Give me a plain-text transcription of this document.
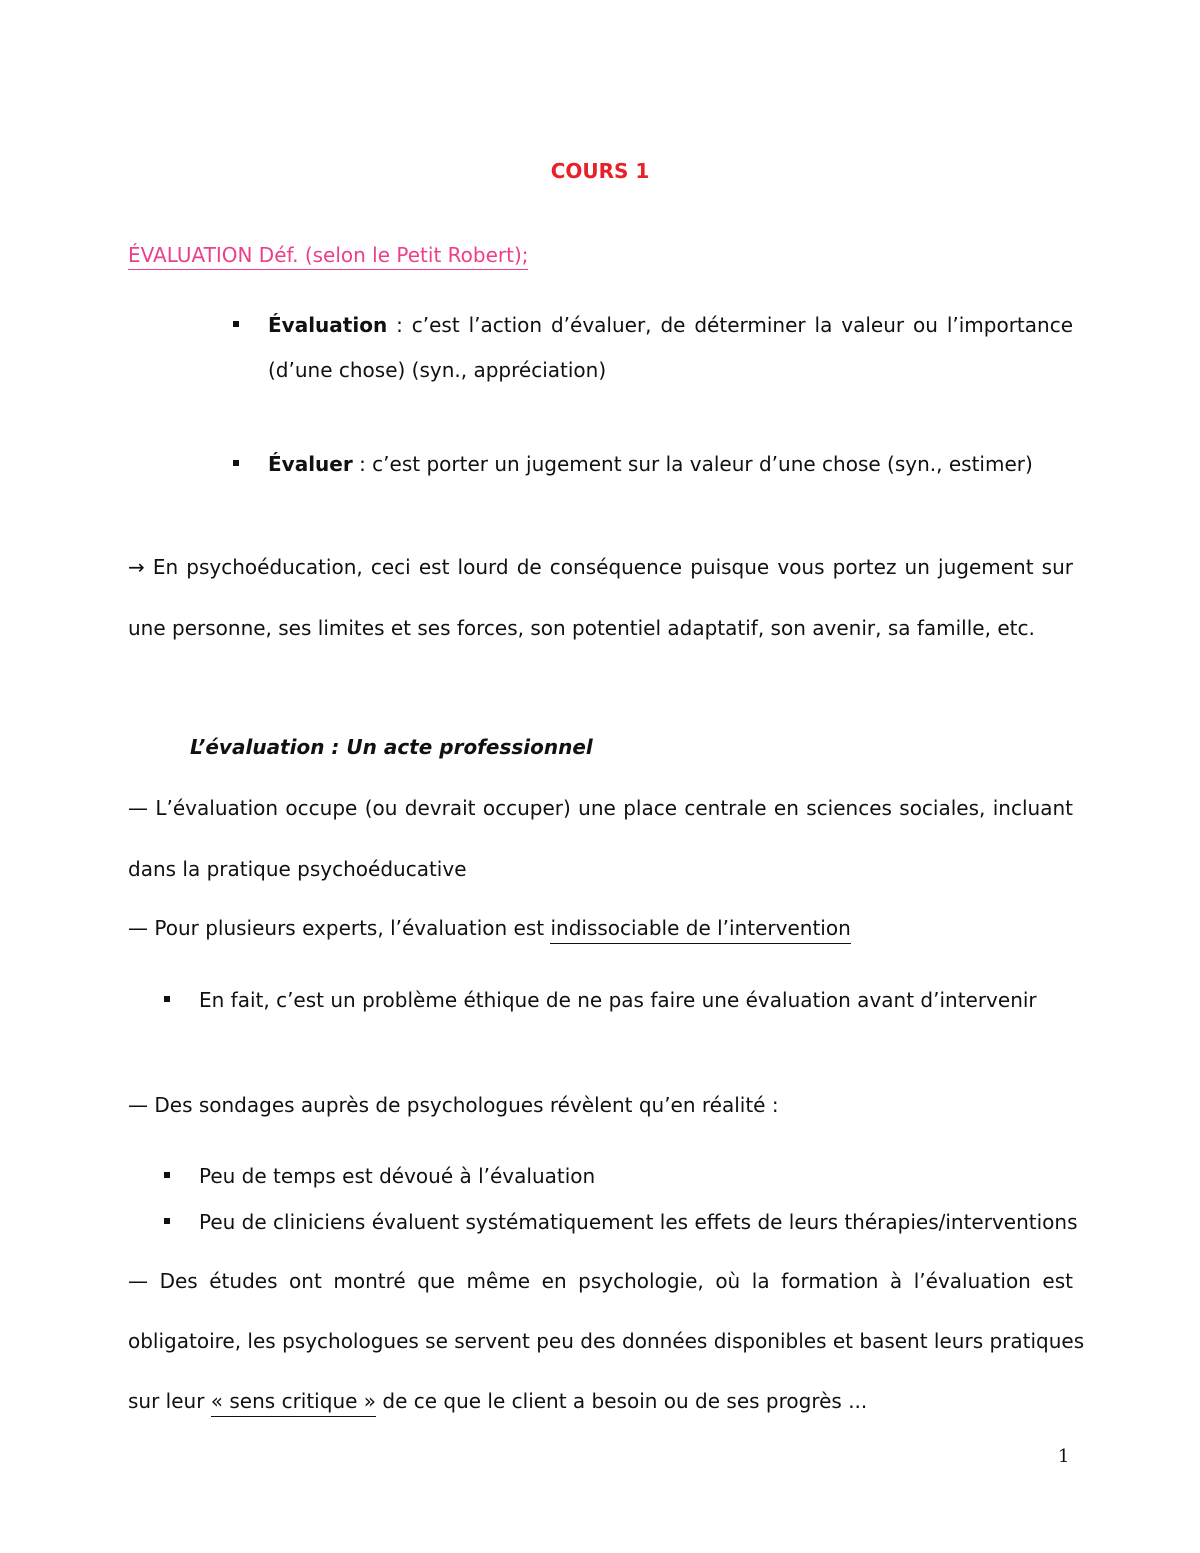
COURS 1
ÉVALUATION Déf. (selon le Petit Robert);
Évaluation : c’est l’action d’évaluer, de déterminer la valeur ou l’importance
(d’une chose) (syn., appréciation)
Évaluer : c’est porter un jugement sur la valeur d’une chose (syn., estimer)
→ En psychoéducation, ceci est lourd de conséquence puisque vous portez un jugement sur
une personne, ses limites et ses forces, son potentiel adaptatif, son avenir, sa famille, etc.
L’évaluation : Un acte professionnel
— L’évaluation occupe (ou devrait occuper) une place centrale en sciences sociales, incluant
dans la pratique psychoéducative
— Pour plusieurs experts, l’évaluation est indissociable de l’intervention
En fait, c’est un problème éthique de ne pas faire une évaluation avant d’intervenir
— Des sondages auprès de psychologues révèlent qu’en réalité :
Peu de temps est dévoué à l’évaluation
Peu de cliniciens évaluent systématiquement les effets de leurs thérapies/interventions
— Des études ont montré que même en psychologie, où la formation à l’évaluation est
obligatoire, les psychologues se servent peu des données disponibles et basent leurs pratiques
sur leur « sens critique » de ce que le client a besoin ou de ses progrès ...
1
